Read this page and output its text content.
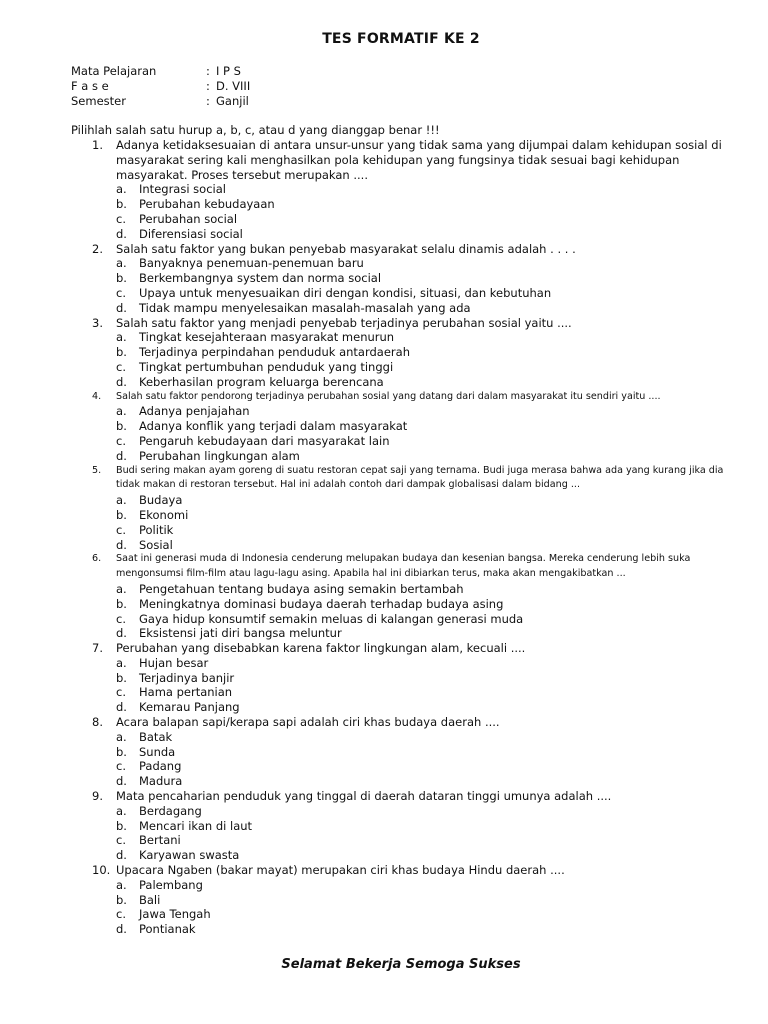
TES FORMATIF KE 2
Mata Pelajaran	: I P S
F a s e	: D. VIII
Semester	: Ganjil
Pilihlah salah satu hurup a, b, c, atau d yang dianggap benar !!!
1.	Adanya ketidaksesuaian di antara unsur-unsur yang tidak sama yang dijumpai dalam kehidupan sosial di masyarakat sering kali menghasilkan pola kehidupan yang fungsinya tidak sesuai bagi kehidupan masyarakat. Proses tersebut merupakan ....
a.	Integrasi social
b.	Perubahan kebudayaan
c.	Perubahan social
d.	Diferensiasi social
2.	Salah satu faktor yang bukan penyebab masyarakat selalu dinamis adalah . . . .
a.	Banyaknya penemuan-penemuan baru
b.	Berkembangnya system dan norma social
c.	Upaya untuk menyesuaikan diri dengan kondisi, situasi, dan kebutuhan
d.	Tidak mampu menyelesaikan masalah-masalah yang ada
3.	Salah satu faktor yang menjadi penyebab terjadinya perubahan sosial yaitu ....
a.	Tingkat kesejahteraan masyarakat menurun
b.	Terjadinya perpindahan penduduk antardaerah
c.	Tingkat pertumbuhan penduduk yang tinggi
d.	Keberhasilan program keluarga berencana
4.	Salah satu faktor pendorong terjadinya perubahan sosial yang datang dari dalam masyarakat itu sendiri yaitu ....
a.	Adanya penjajahan
b.	Adanya konflik yang terjadi dalam masyarakat
c.	Pengaruh kebudayaan dari masyarakat lain
d.	Perubahan lingkungan alam
5.	Budi sering makan ayam goreng di suatu restoran cepat saji yang ternama. Budi juga merasa bahwa ada yang kurang jika dia tidak makan di restoran tersebut. Hal ini adalah contoh dari dampak globalisasi dalam bidang ...
a.	Budaya
b.	Ekonomi
c.	Politik
d.	Sosial
6.	Saat ini generasi muda di Indonesia cenderung melupakan budaya dan kesenian bangsa. Mereka cenderung lebih suka mengonsumsi film-film atau lagu-lagu asing. Apabila hal ini dibiarkan terus, maka akan mengakibatkan ...
a.	Pengetahuan tentang budaya asing semakin bertambah
b.	Meningkatnya dominasi budaya daerah terhadap budaya asing
c.	Gaya hidup konsumtif semakin meluas di kalangan generasi muda
d.	Eksistensi jati diri bangsa meluntur
7.	Perubahan yang disebabkan karena faktor lingkungan alam, kecuali ....
a.	Hujan besar
b.	Terjadinya banjir
c.	Hama pertanian
d.	Kemarau Panjang
8.	Acara balapan sapi/kerapa sapi adalah ciri khas budaya daerah ....
a.	Batak
b.	Sunda
c.	Padang
d.	Madura
9.	Mata pencaharian penduduk yang tinggal di daerah dataran tinggi umunya adalah ....
a.	Berdagang
b.	Mencari ikan di laut
c.	Bertani
d.	Karyawan swasta
10. Upacara Ngaben (bakar mayat) merupakan ciri khas budaya Hindu daerah ....
a.	Palembang
b.	Bali
c.	Jawa Tengah
d.	Pontianak
Selamat Bekerja Semoga Sukses
